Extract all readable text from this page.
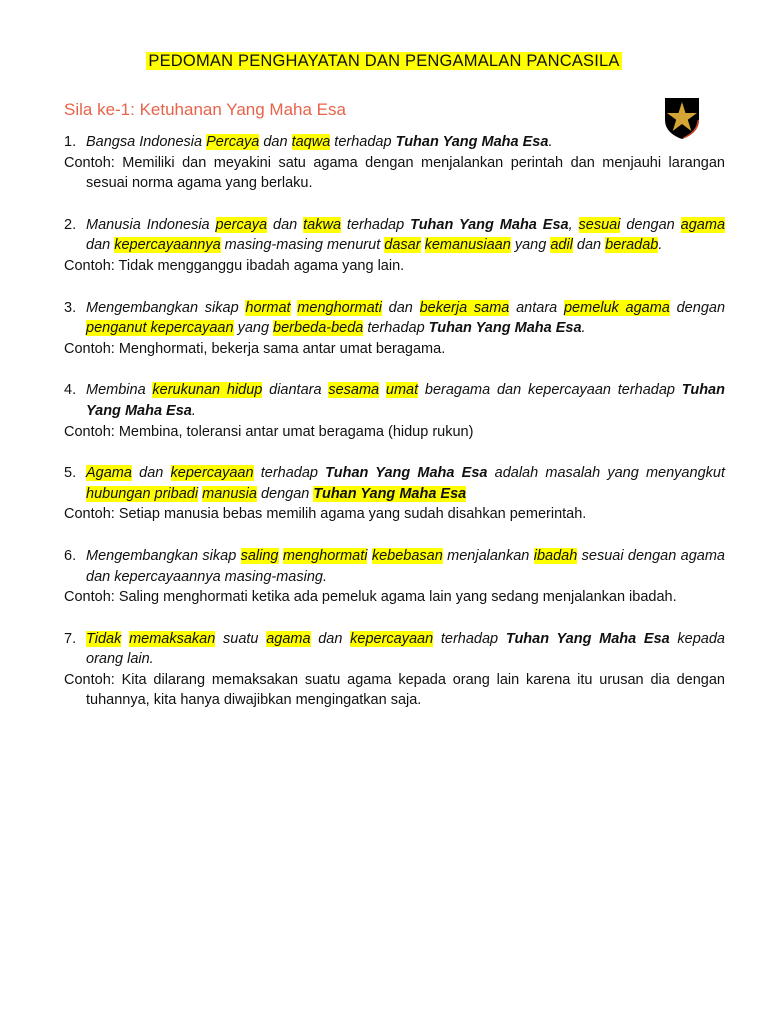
PEDOMAN PENGHAYATAN DAN PENGAMALAN PANCASILA
Sila ke-1: Ketuhanan Yang Maha Esa
1. Bangsa Indonesia Percaya dan taqwa terhadap Tuhan Yang Maha Esa.
Contoh: Memiliki dan meyakini satu agama dengan menjalankan perintah dan menjauhi larangan sesuai norma agama yang berlaku.
2. Manusia Indonesia percaya dan takwa terhadap Tuhan Yang Maha Esa, sesuai dengan agama dan kepercayaannya masing-masing menurut dasar kemanusiaan yang adil dan beradab.
Contoh: Tidak mengganggu ibadah agama yang lain.
3. Mengembangkan sikap hormat menghormati dan bekerja sama antara pemeluk agama dengan penganut kepercayaan yang berbeda-beda terhadap Tuhan Yang Maha Esa.
Contoh: Menghormati, bekerja sama antar umat beragama.
4. Membina kerukunan hidup diantara sesama umat beragama dan kepercayaan terhadap Tuhan Yang Maha Esa.
Contoh: Membina, toleransi antar umat beragama (hidup rukun)
5. Agama dan kepercayaan terhadap Tuhan Yang Maha Esa adalah masalah yang menyangkut hubungan pribadi manusia dengan Tuhan Yang Maha Esa
Contoh: Setiap manusia bebas memilih agama yang sudah disahkan pemerintah.
6. Mengembangkan sikap saling menghormati kebebasan menjalankan ibadah sesuai dengan agama dan kepercayaannya masing-masing.
Contoh: Saling menghormati ketika ada pemeluk agama lain yang sedang menjalankan ibadah.
7. Tidak memaksakan suatu agama dan kepercayaan terhadap Tuhan Yang Maha Esa kepada orang lain.
Contoh: Kita dilarang memaksakan suatu agama kepada orang lain karena itu urusan dia dengan tuhannya, kita hanya diwajibkan mengingatkan saja.
